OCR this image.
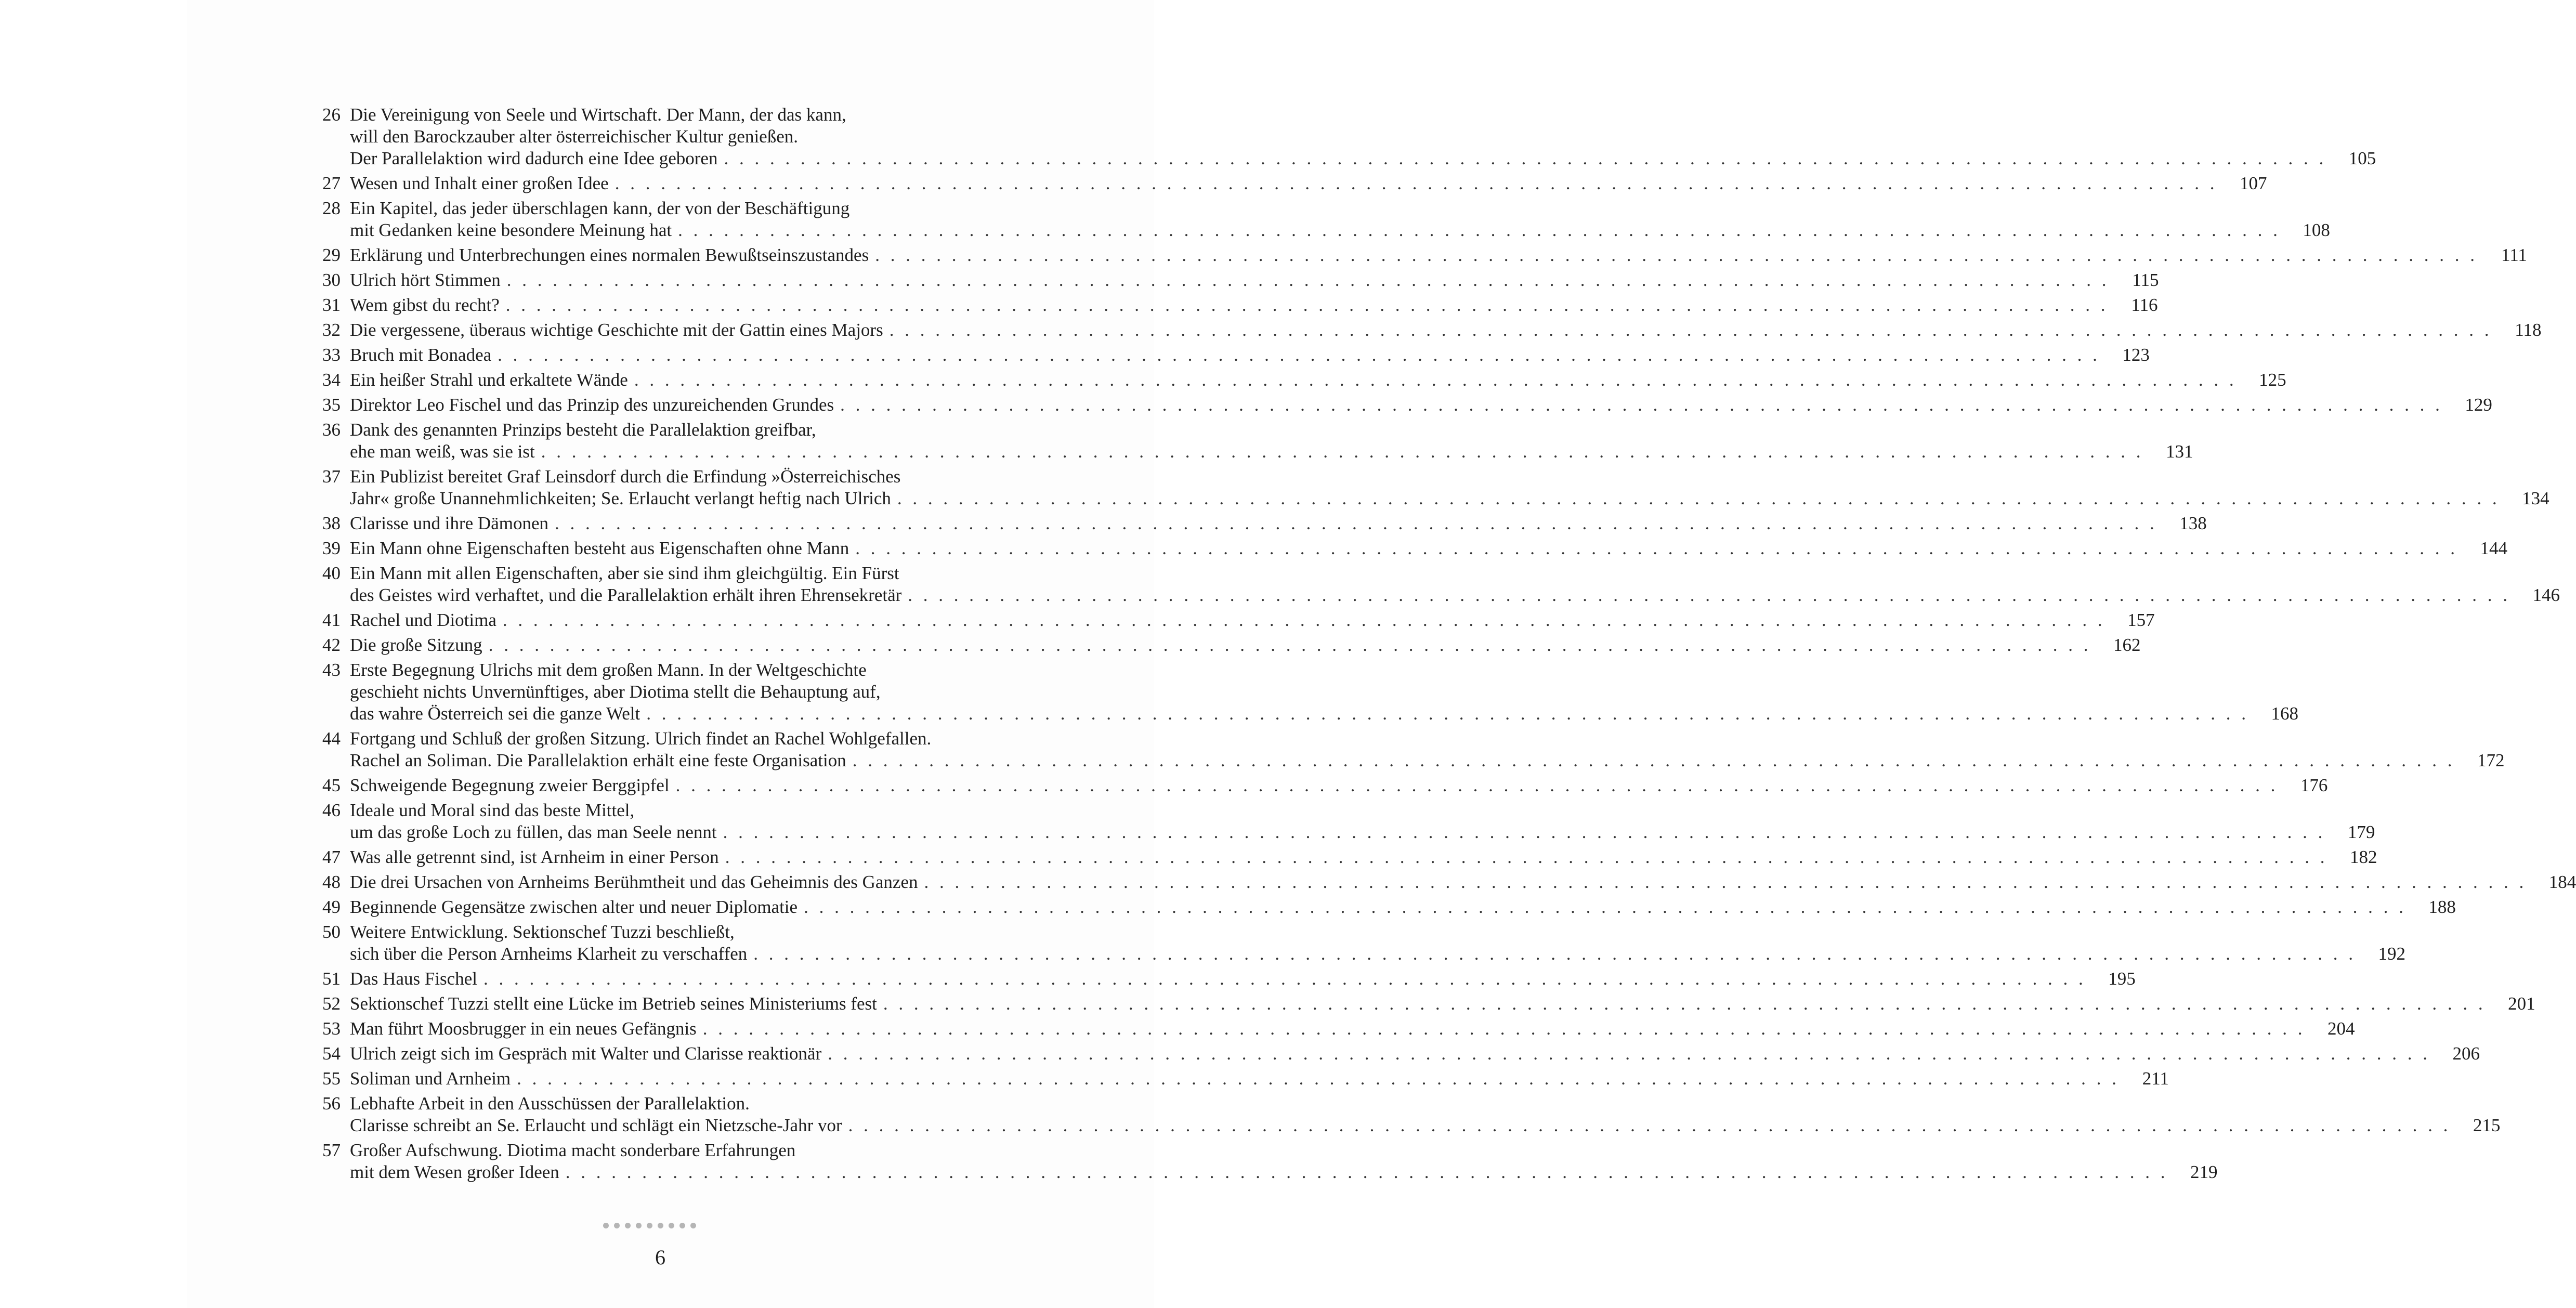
26 Die Vereinigung von Seele und Wirtschaft. Der Mann, der das kann,
will den Barockzauber alter österreichischer Kultur genießen.
Der Parallelaktion wird dadurch eine Idee geboren . . .	105
27 Wesen und Inhalt einer großen Idee . . .	107
28 Ein Kapitel, das jeder überschlagen kann, der von der Beschäftigung
mit Gedanken keine besondere Meinung hat . . .	108
29 Erklärung und Unterbrechungen eines normalen Bewußtseinszustandes . . .	111
30 Ulrich hört Stimmen . . .	115
31 Wem gibst du recht? . . .	116
32 Die vergessene, überaus wichtige Geschichte mit der Gattin eines Majors . . .	118
33 Bruch mit Bonadea . . .	123
34 Ein heißer Strahl und erkaltete Wände . . .	125
35 Direktor Leo Fischel und das Prinzip des unzureichenden Grundes . . .	129
36 Dank des genannten Prinzips besteht die Parallelaktion greifbar,
ehe man weiß, was sie ist . . .	131
37 Ein Publizist bereitet Graf Leinsdorf durch die Erfindung »Österreichisches
Jahr« große Unannehmlichkeiten; Se. Erlaucht verlangt heftig nach Ulrich . . .	134
38 Clarisse und ihre Dämonen . . .	138
39 Ein Mann ohne Eigenschaften besteht aus Eigenschaften ohne Mann . . .	144
40 Ein Mann mit allen Eigenschaften, aber sie sind ihm gleichgültig. Ein Fürst
des Geistes wird verhaftet, und die Parallelaktion erhält ihren Ehrensekretär . . .	146
41 Rachel und Diotima . . .	157
42 Die große Sitzung . . .	162
43 Erste Begegnung Ulrichs mit dem großen Mann. In der Weltgeschichte
geschieht nichts Unvernünftiges, aber Diotima stellt die Behauptung auf,
das wahre Österreich sei die ganze Welt . . .	168
44 Fortgang und Schluß der großen Sitzung. Ulrich findet an Rachel Wohlgefallen.
Rachel an Soliman. Die Parallelaktion erhält eine feste Organisation . . .	172
45 Schweigende Begegnung zweier Berggipfel . . .	176
46 Ideale und Moral sind das beste Mittel,
um das große Loch zu füllen, das man Seele nennt . . .	179
47 Was alle getrennt sind, ist Arnheim in einer Person . . .	182
48 Die drei Ursachen von Arnheims Berühmtheit und das Geheimnis des Ganzen . . .	184
49 Beginnende Gegensätze zwischen alter und neuer Diplomatie . . .	188
50 Weitere Entwicklung. Sektionschef Tuzzi beschließt,
sich über die Person Arnheims Klarheit zu verschaffen . . .	192
51 Das Haus Fischel . . .	195
52 Sektionschef Tuzzi stellt eine Lücke im Betrieb seines Ministeriums fest . . .	201
53 Man führt Moosbrugger in ein neues Gefängnis . . .	204
54 Ulrich zeigt sich im Gespräch mit Walter und Clarisse reaktionär . . .	206
55 Soliman und Arnheim . . .	211
56 Lebhafte Arbeit in den Ausschüssen der Parallelaktion.
Clarisse schreibt an Se. Erlaucht und schlägt ein Nietzsche-Jahr vor . . .	215
57 Großer Aufschwung. Diotima macht sonderbare Erfahrungen
mit dem Wesen großer Ideen . . .	219
6
